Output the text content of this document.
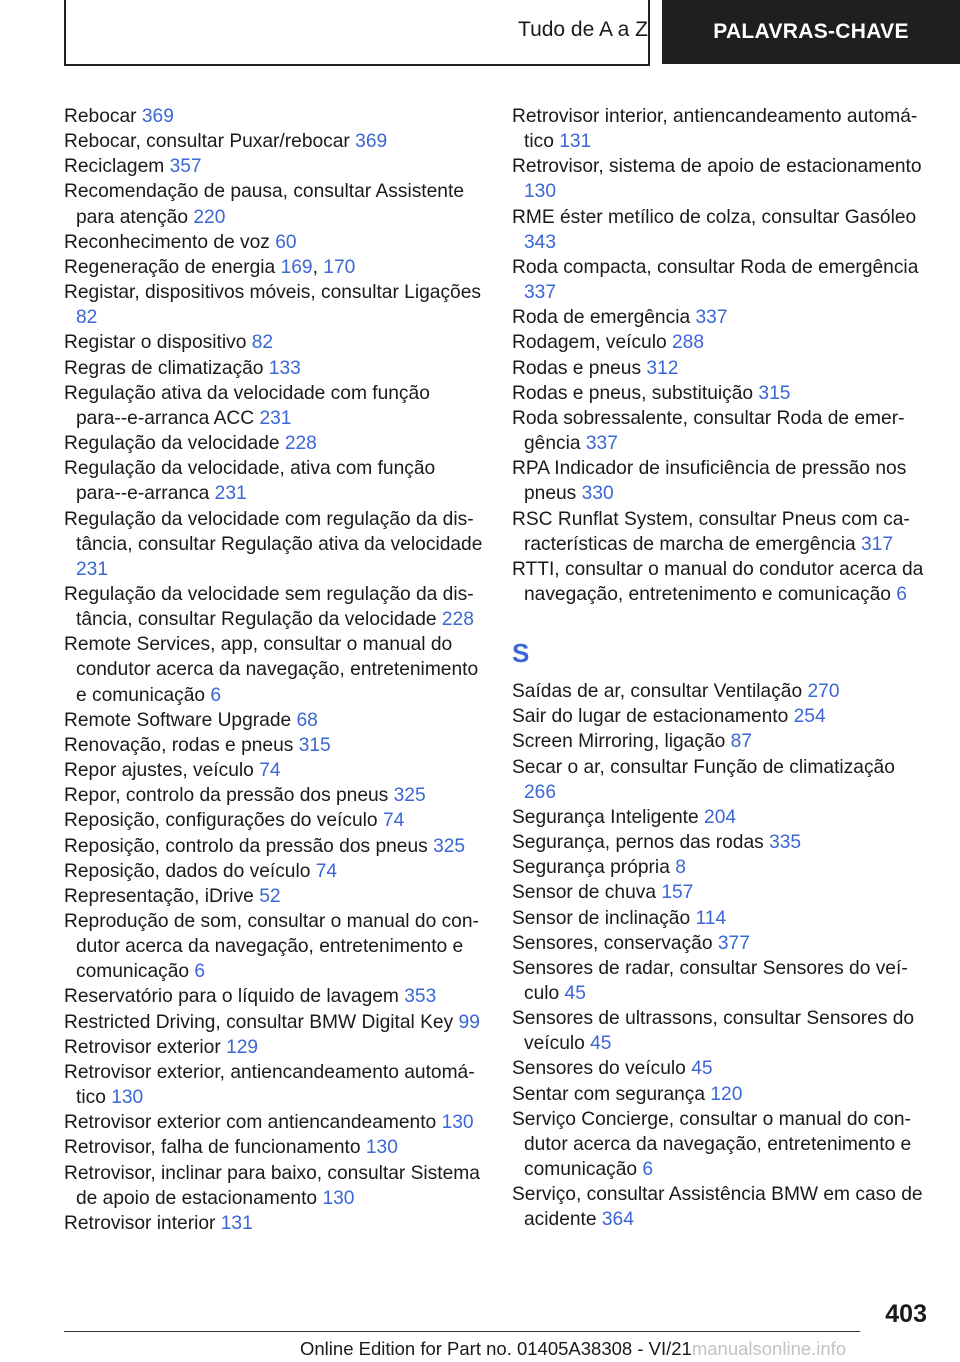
Tudo de A a Z	PALAVRAS-CHAVE
Rebocar 369
Rebocar, consultar Puxar/rebocar 369
Reciclagem 357
Recomendação de pausa, consultar Assistente para atenção 220
Reconhecimento de voz 60
Regeneração de energia 169, 170
Registar, dispositivos móveis, consultar Ligações 82
Registar o dispositivo 82
Regras de climatização 133
Regulação ativa da velocidade com função para‑‑e-arranca ACC 231
Regulação da velocidade 228
Regulação da velocidade, ativa com função para‑‑e-arranca 231
Regulação da velocidade com regulação da distância, consultar Regulação ativa da velocidade 231
Regulação da velocidade sem regulação da distância, consultar Regulação da velocidade 228
Remote Services, app, consultar o manual do condutor acerca da navegação, entretenimento e comunicação 6
Remote Software Upgrade 68
Renovação, rodas e pneus 315
Repor ajustes, veículo 74
Repor, controlo da pressão dos pneus 325
Reposição, configurações do veículo 74
Reposição, controlo da pressão dos pneus 325
Reposição, dados do veículo 74
Representação, iDrive 52
Reprodução de som, consultar o manual do condutor acerca da navegação, entretenimento e comunicação 6
Reservatório para o líquido de lavagem 353
Restricted Driving, consultar BMW Digital Key 99
Retrovisor exterior 129
Retrovisor exterior, antiencandeamento automático 130
Retrovisor exterior com antiencandeamento 130
Retrovisor, falha de funcionamento 130
Retrovisor, inclinar para baixo, consultar Sistema de apoio de estacionamento 130
Retrovisor interior 131
Retrovisor interior, antiencandeamento automático 131
Retrovisor, sistema de apoio de estacionamento 130
RME éster metílico de colza, consultar Gasóleo 343
Roda compacta, consultar Roda de emergência 337
Roda de emergência 337
Rodagem, veículo 288
Rodas e pneus 312
Rodas e pneus, substituição 315
Roda sobressalente, consultar Roda de emergência 337
RPA Indicador de insuficiência de pressão nos pneus 330
RSC Runflat System, consultar Pneus com características de marcha de emergência 317
RTTI, consultar o manual do condutor acerca da navegação, entretenimento e comunicação 6
S
Saídas de ar, consultar Ventilação 270
Sair do lugar de estacionamento 254
Screen Mirroring, ligação 87
Secar o ar, consultar Função de climatização 266
Segurança Inteligente 204
Segurança, pernos das rodas 335
Segurança própria 8
Sensor de chuva 157
Sensor de inclinação 114
Sensores, conservação 377
Sensores de radar, consultar Sensores do veículo 45
Sensores de ultrassons, consultar Sensores do veículo 45
Sensores do veículo 45
Sentar com segurança 120
Serviço Concierge, consultar o manual do condutor acerca da navegação, entretenimento e comunicação 6
Serviço, consultar Assistência BMW em caso de acidente 364
403
Online Edition for Part no. 01405A38308 - VI/21manualsonline.info
